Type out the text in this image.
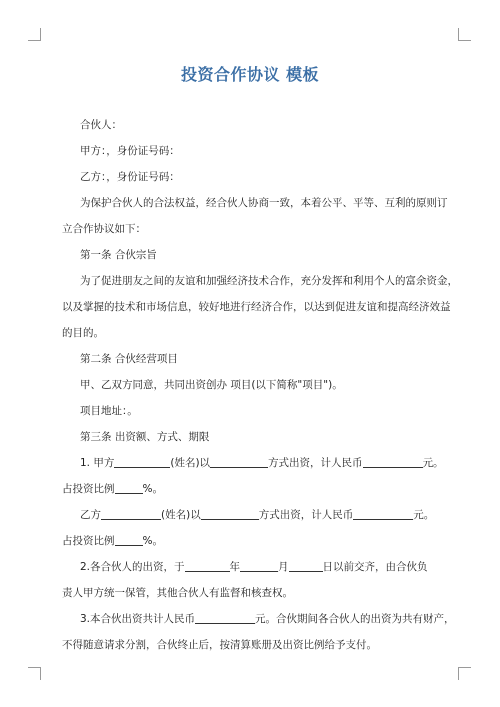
投资合作协议 模板

合伙人：

甲方：，身份证号码：

乙方：，身份证号码：

为保护合伙人的合法权益，经合伙人协商一致，本着公平、平等、互利的原则订

立合作协议如下：

第一条 合伙宗旨

为了促进朋友之间的友谊和加强经济技术合作，充分发挥和利用个人的富余资金，

以及掌握的技术和市场信息，较好地进行经济合作，以达到促进友谊和提高经济效益

的目的。

第二条 合伙经营项目

甲、乙双方同意，共同出资创办 项目(以下简称"项目")。

项目地址：。

第三条 出资额、方式、期限

1. 甲方	(姓名)以	方式出资，计人民币	元。

占投资比例	%。

乙方	(姓名)以	方式出资，计人民币	元。

占投资比例	%。

2.各合伙人的出资，于	年	月	日以前交齐，由合伙负

责人甲方统一保管，其他合伙人有监督和核查权。

3.本合伙出资共计人民币	元。合伙期间各合伙人的出资为共有财产，

不得随意请求分割，合伙终止后，按清算账册及出资比例给予支付。
